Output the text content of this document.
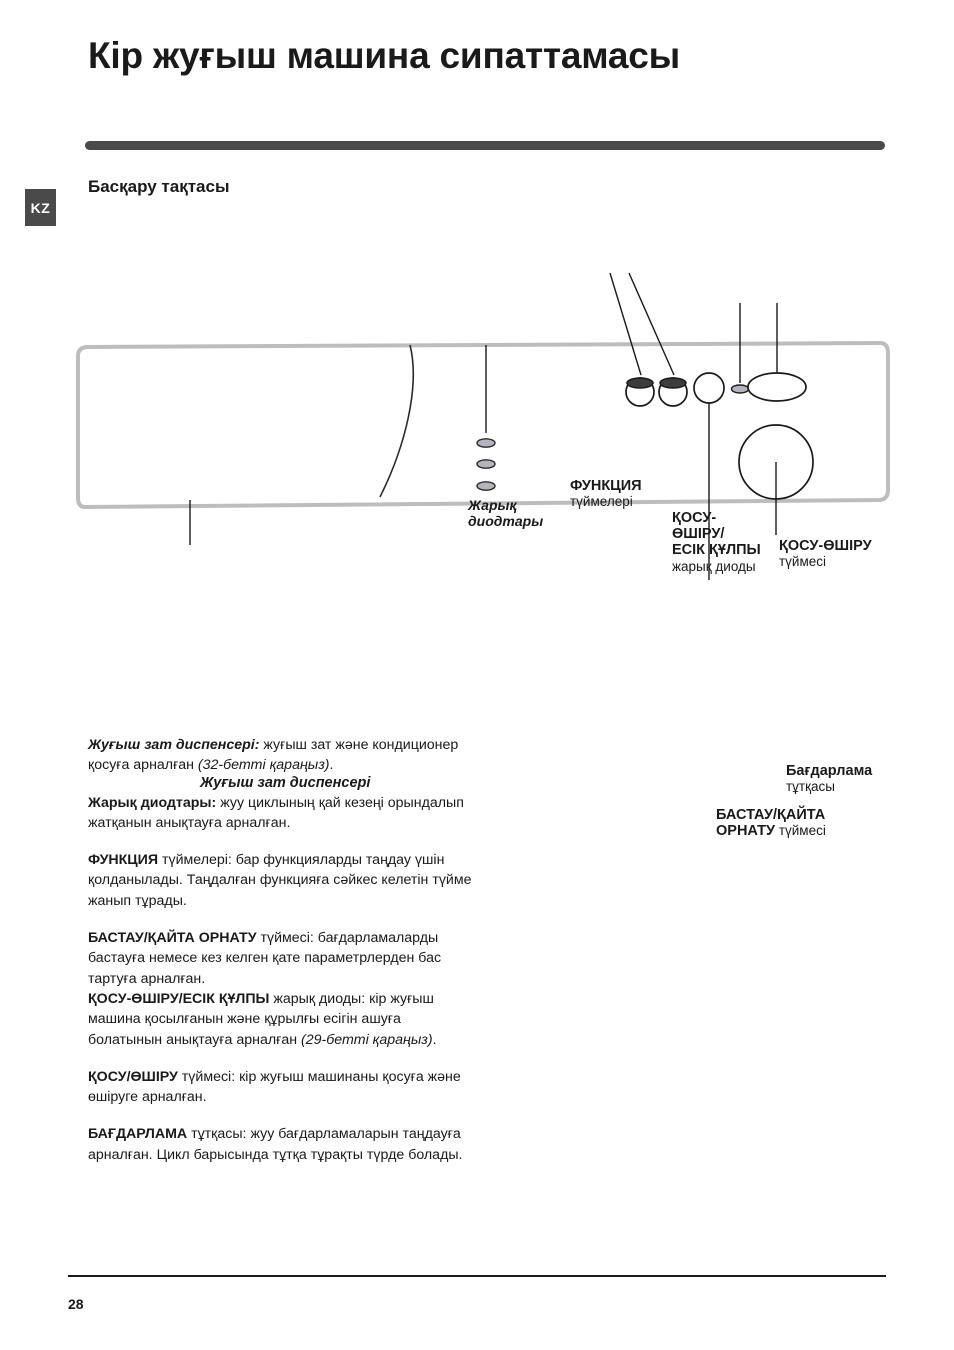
Кір жуғыш машина сипаттамасы
KZ
Басқару тақтасы
Жарық
диодтары
ФУНКЦИЯ
түймелері
ҚОСУ-
ӨШІРУ/
ЕСІК ҚҰЛПЫ
жарық диоды
ҚОСУ-ӨШІРУ
түймесі
Жуғыш зат диспенсері
Бағдарлама
тұтқасы
БАСТАУ/ҚАЙТА
ОРНАТУ түймесі

Жуғыш зат диспенсері: жуғыш зат және кондиционер қосуға арналған (32-бетті қараңыз).

Жарық диодтары: жуу циклының қай кезеңі орындалып жатқанын анықтауға арналған.

ФУНКЦИЯ түймелері: бар функцияларды таңдау үшін қолданылады. Таңдалған функцияға сәйкес келетін түйме жанып тұрады.

БАСТАУ/ҚАЙТА ОРНАТУ түймесі: бағдарламаларды бастауға немесе кез келген қате параметрлерден бас тартуға арналған.

ҚОСУ-ӨШІРУ/ЕСІК ҚҰЛПЫ жарық диоды: кір жуғыш машина қосылғанын және құрылғы есігін ашуға болатынын анықтауға арналған (29-бетті қараңыз).

ҚОСУ/ӨШІРУ түймесі: кір жуғыш машинаны қосуға және өшіруге арналған.

БАҒДАРЛАМА тұтқасы: жуу бағдарламаларын таңдауға арналған. Цикл барысында тұтқа тұрақты түрде болады.

28
